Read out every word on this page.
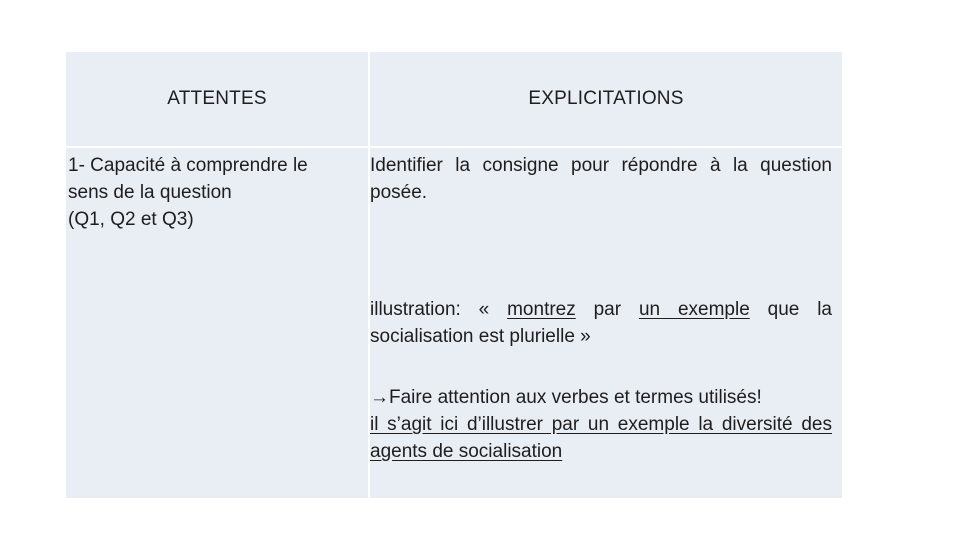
ATTENTES	EXPLICITATIONS
1- Capacité à comprendre le
sens de la question
(Q1, Q2 et Q3)

Identifier la consigne pour répondre à la question posée.

illustration: « montrez par un exemple que la socialisation est plurielle »

→Faire attention aux verbes et termes utilisés!
il s’agit ici d’illustrer par un exemple la diversité des agents de socialisation
